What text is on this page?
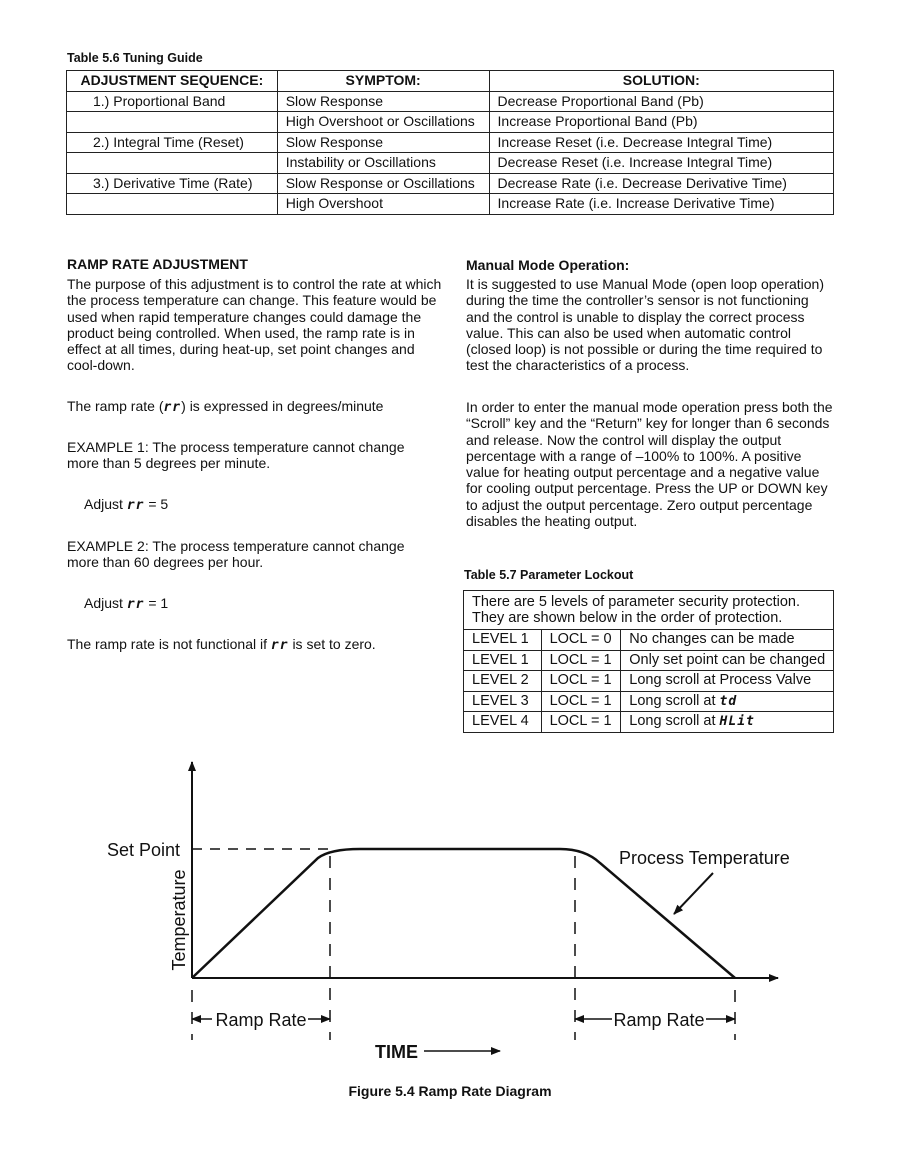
Table 5.6 Tuning Guide
ADJUSTMENT SEQUENCE:	SYMPTOM:	SOLUTION:
1.) Proportional Band	Slow Response	Decrease Proportional Band (Pb)
	High Overshoot or Oscillations	Increase Proportional Band (Pb)
2.) Integral Time (Reset)	Slow Response	Increase Reset (i.e. Decrease Integral Time)
	Instability or Oscillations	Decrease Reset (i.e. Increase Integral Time)
3.) Derivative Time (Rate)	Slow Response or Oscillations	Decrease Rate (i.e. Decrease Derivative Time)
	High Overshoot	Increase Rate (i.e. Increase Derivative Time)
RAMP RATE ADJUSTMENT
The purpose of this adjustment is to control the rate at which the process temperature can change. This feature would be used when rapid temperature changes could damage the product being controlled. When used, the ramp rate is in effect at all times, during heat-up, set point changes and cool-down.
The ramp rate (rr) is expressed in degrees/minute
EXAMPLE 1: The process temperature cannot change more than 5 degrees per minute.
Adjust rr = 5
EXAMPLE 2: The process temperature cannot change more than 60 degrees per hour.
Adjust rr = 1
The ramp rate is not functional if rr is set to zero.
Manual Mode Operation:
It is suggested to use Manual Mode (open loop operation) during the time the controller’s sensor is not functioning and the control is unable to display the correct process value. This can also be used when automatic control (closed loop) is not possible or during the time required to test the characteristics of a process.
In order to enter the manual mode operation press both the “Scroll” key and the “Return” key for longer than 6 seconds and release. Now the control will display the output percentage with a range of –100% to 100%. A positive value for heating output percentage and a negative value for cooling output percentage. Press the UP or DOWN key to adjust the output percentage. Zero output percentage disables the heating output.
Table 5.7 Parameter Lockout
There are 5 levels of parameter security protection.
They are shown below in the order of protection.		

LEVEL 1	LOCL = 0	No changes can be made
LEVEL 1	LOCL = 1	Only set point can be changed
LEVEL 2	LOCL = 1	Long scroll at Process Valve
LEVEL 3	LOCL = 1	Long scroll at td
LEVEL 4	LOCL = 1	Long scroll at HLit
Set Point
Temperature
Process Temperature
Ramp Rate	Ramp Rate
TIME
Figure 5.4 Ramp Rate Diagram
